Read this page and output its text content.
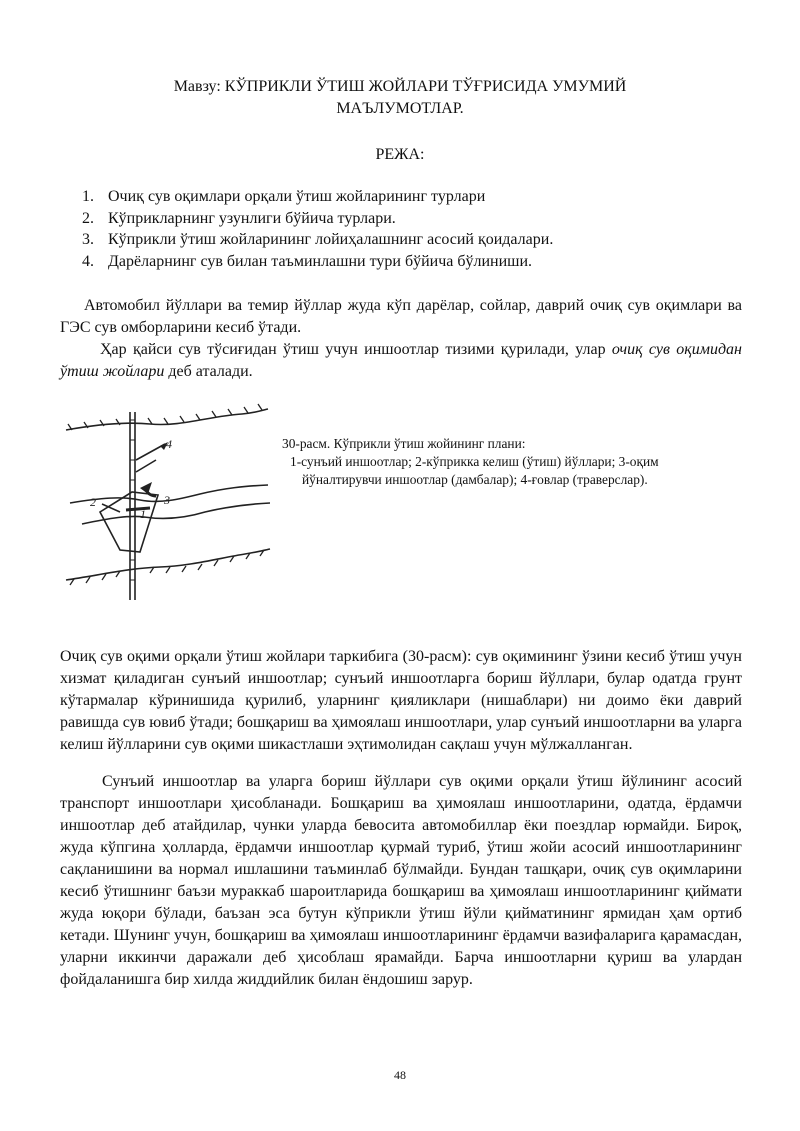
Мавзу: КЎПРИКЛИ ЎТИШ ЖОЙЛАРИ ТЎҒРИСИДА УМУМИЙ
МАЪЛУМОТЛАР.
РЕЖА:
1. Очиқ сув оқимлари орқали ўтиш жойларининг турлари
2. Кўприкларнинг узунлиги бўйича турлари.
3. Кўприкли ўтиш жойларининг лойиҳалашнинг асосий қоидалари.
4. Дарёларнинг сув билан таъминлашни тури бўйича бўлиниши.

Автомобил йўллари ва темир йўллар жуда кўп дарёлар, сойлар, даврий очиқ сув оқимлари ва ГЭС сув омборларини кесиб ўтади.

Ҳар қайси сув тўсиғидан ўтиш учун иншоотлар тизими қурилади, улар очиқ сув оқимидан ўтиш жойлари деб аталади.

4
2
1
3
30-расм. Кўприкли ўтиш жойининг плани:
1-сунъий иншоотлар; 2-кўприкка келиш (ўтиш) йўллари; 3-оқим
йўналтирувчи иншоотлар (дамбалар); 4-ғовлар (траверслар).

Очиқ сув оқими орқали ўтиш жойлари таркибига (30-расм): сув оқимининг ўзини кесиб ўтиш учун хизмат қиладиган сунъий иншоотлар; сунъий иншоотларга бориш йўллари, булар одатда грунт кўтармалар кўринишида қурилиб, уларнинг қияликлари (нишаблари) ни доимо ёки даврий равишда сув ювиб ўтади; бошқариш ва ҳимоялаш иншоотлари, улар сунъий иншоотларни ва уларга келиш йўлларини сув оқими шикастлаши эҳтимолидан сақлаш учун мўлжалланган.

Сунъий иншоотлар ва уларга бориш йўллари сув оқими орқали ўтиш йўлининг асосий транспорт иншоотлари ҳисобланади. Бошқариш ва ҳимоялаш иншоотларини, одатда, ёрдамчи иншоотлар деб атайдилар, чунки уларда бевосита автомобиллар ёки поездлар юрмайди. Бироқ, жуда кўпгина ҳолларда, ёрдамчи иншоотлар қурмай туриб, ўтиш жойи асосий иншоотларининг сақланишини ва нормал ишлашини таъминлаб бўлмайди. Бундан ташқари, очиқ сув оқимларини кесиб ўтишнинг баъзи мураккаб шароитларида бошқариш ва ҳимоялаш иншоотларининг қиймати жуда юқори бўлади, баъзан эса бутун кўприкли ўтиш йўли қийматининг ярмидан ҳам ортиб кетади. Шунинг учун, бошқариш ва ҳимоялаш иншоотларининг ёрдамчи вазифаларига қарамасдан, уларни иккинчи даражали деб ҳисоблаш ярамайди. Барча иншоотларни қуриш ва улардан фойдаланишга бир хилда жиддийлик билан ёндошиш зарур.

48
